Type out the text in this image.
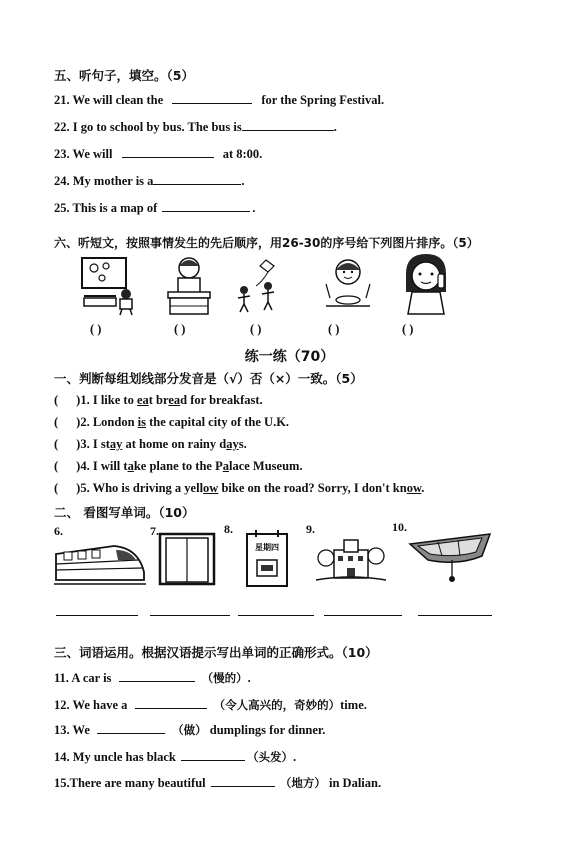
五、听句子，填空。（5）
21. We will clean the	for the Spring Festival.
22. I go to school by bus. The bus is	.
23. We will	at 8:00.
24. My mother is a	.
25. This is a map of	.
六、听短文，按照事情发生的先后顺序，用26-30的序号给下列图片排序。（5）
( )	( )	( )	( )	( )
练一练（70）
一、判断每组划线部分发音是（√）否（×）一致。（5）
( )1. I like to eat bread for breakfast.
( )2. London is the capital city of the U.K.
( )3. I stay at home on rainy days.
( )4. I will take plane to the Palace Museum.
( )5. Who is driving a yellow bike on the road? Sorry, I don't know.
二、 看图写单词。（10）
6.	7.	8.	9.	10.
星期四
三、词语运用。根据汉语提示写出单词的正确形式。（10）
11. A car is	（慢的）.
12. We have a	（令人高兴的，奇妙的）time.
13. We	（做） dumplings for dinner.
14. My uncle has black	（头发）.
15.There are many beautiful	（地方） in Dalian.
